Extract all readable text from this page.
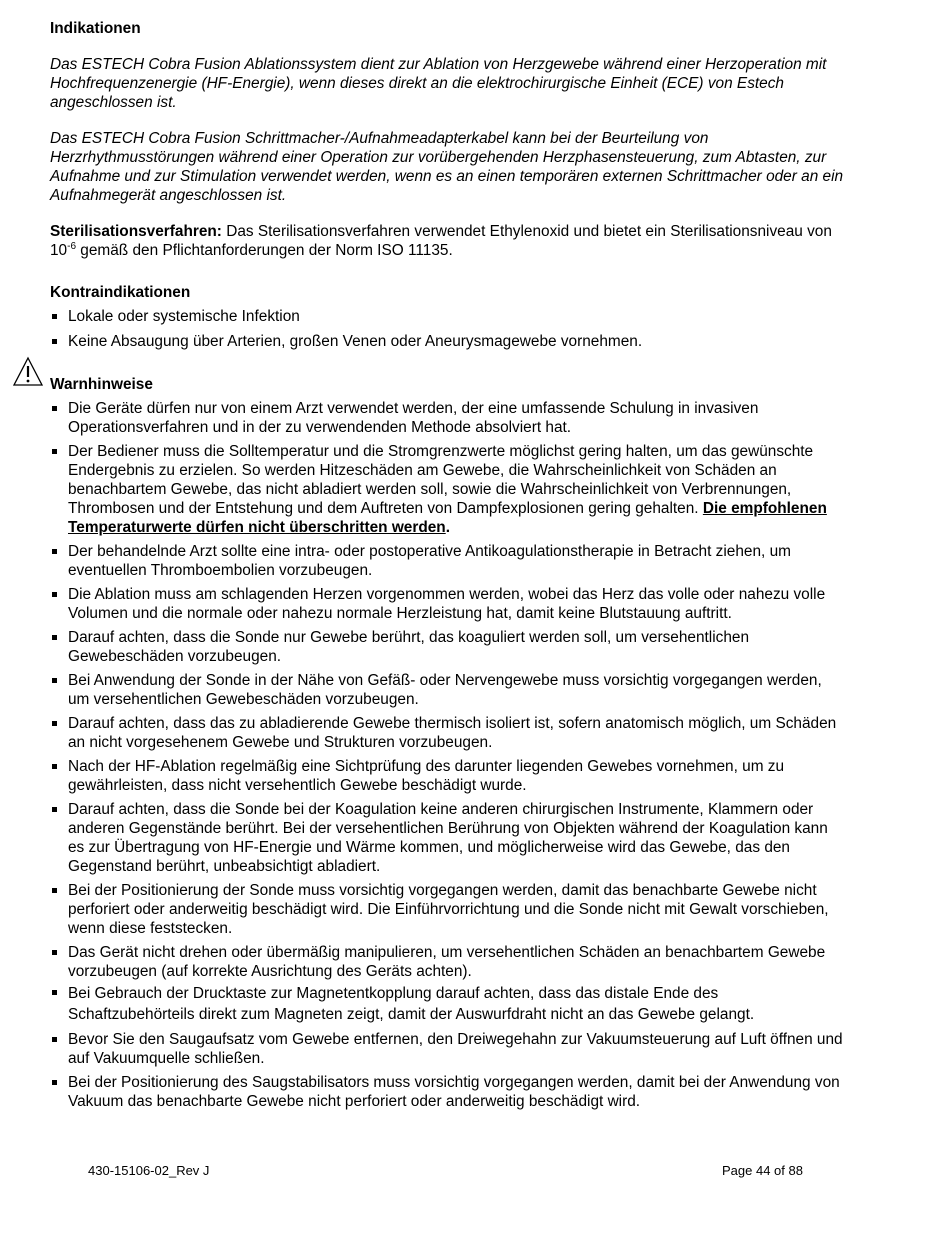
Indikationen

Das ESTECH Cobra Fusion Ablationssystem dient zur Ablation von Herzgewebe während einer Herzoperation mit Hochfrequenzenergie (HF-Energie), wenn dieses direkt an die elektrochirurgische Einheit (ECE) von Estech angeschlossen ist.

Das ESTECH Cobra Fusion Schrittmacher-/Aufnahmeadapterkabel kann bei der Beurteilung von Herzrhythmusstörungen während einer Operation zur vorübergehenden Herzphasensteuerung, zum Abtasten, zur Aufnahme und zur Stimulation verwendet werden, wenn es an einen temporären externen Schrittmacher oder an ein Aufnahmegerät angeschlossen ist.

Sterilisationsverfahren: Das Sterilisationsverfahren verwendet Ethylenoxid und bietet ein Sterilisationsniveau von $10^{-6}$ gemäß den Pflichtanforderungen der Norm ISO 11135.

Kontraindikationen

Lokale oder systemische Infektion
Keine Absaugung über Arterien, großen Venen oder Aneurysmagewebe vornehmen.

Warnhinweise

Die Geräte dürfen nur von einem Arzt verwendet werden, der eine umfassende Schulung in invasiven Operationsverfahren und in der zu verwendenden Methode absolviert hat.
Der Bediener muss die Solltemperatur und die Stromgrenzwerte möglichst gering halten, um das gewünschte Endergebnis zu erzielen. So werden Hitzeschäden am Gewebe, die Wahrscheinlichkeit von Schäden an benachbartem Gewebe, das nicht abladiert werden soll, sowie die Wahrscheinlichkeit von Verbrennungen, Thrombosen und der Entstehung und dem Auftreten von Dampfexplosionen gering gehalten. Die empfohlenen Temperaturwerte dürfen nicht überschritten werden.
Der behandelnde Arzt sollte eine intra- oder postoperative Antikoagulationstherapie in Betracht ziehen, um eventuellen Thromboembolien vorzubeugen.
Die Ablation muss am schlagenden Herzen vorgenommen werden, wobei das Herz das volle oder nahezu volle Volumen und die normale oder nahezu normale Herzleistung hat, damit keine Blutstauung auftritt.
Darauf achten, dass die Sonde nur Gewebe berührt, das koaguliert werden soll, um versehentlichen Gewebeschäden vorzubeugen.
Bei Anwendung der Sonde in der Nähe von Gefäß- oder Nervengewebe muss vorsichtig vorgegangen werden, um versehentlichen Gewebeschäden vorzubeugen.
Darauf achten, dass das zu abladierende Gewebe thermisch isoliert ist, sofern anatomisch möglich, um Schäden an nicht vorgesehenem Gewebe und Strukturen vorzubeugen.
Nach der HF-Ablation regelmäßig eine Sichtprüfung des darunter liegenden Gewebes vornehmen, um zu gewährleisten, dass nicht versehentlich Gewebe beschädigt wurde.
Darauf achten, dass die Sonde bei der Koagulation keine anderen chirurgischen Instrumente, Klammern oder anderen Gegenstände berührt. Bei der versehentlichen Berührung von Objekten während der Koagulation kann es zur Übertragung von HF-Energie und Wärme kommen, und möglicherweise wird das Gewebe, das den Gegenstand berührt, unbeabsichtigt abladiert.
Bei der Positionierung der Sonde muss vorsichtig vorgegangen werden, damit das benachbarte Gewebe nicht perforiert oder anderweitig beschädigt wird. Die Einführvorrichtung und die Sonde nicht mit Gewalt vorschieben, wenn diese feststecken.
Das Gerät nicht drehen oder übermäßig manipulieren, um versehentlichen Schäden an benachbartem Gewebe vorzubeugen (auf korrekte Ausrichtung des Geräts achten).
Bei Gebrauch der Drucktaste zur Magnetentkopplung darauf achten, dass das distale Ende des Schaftzubehörteils direkt zum Magneten zeigt, damit der Auswurfdraht nicht an das Gewebe gelangt.
Bevor Sie den Saugaufsatz vom Gewebe entfernen, den Dreiwegehahn zur Vakuumsteuerung auf Luft öffnen und auf Vakuumquelle schließen.
Bei der Positionierung des Saugstabilisators muss vorsichtig vorgegangen werden, damit bei der Anwendung von Vakuum das benachbarte Gewebe nicht perforiert oder anderweitig beschädigt wird.
430-15106-02_Rev J	Page 44 of 88
